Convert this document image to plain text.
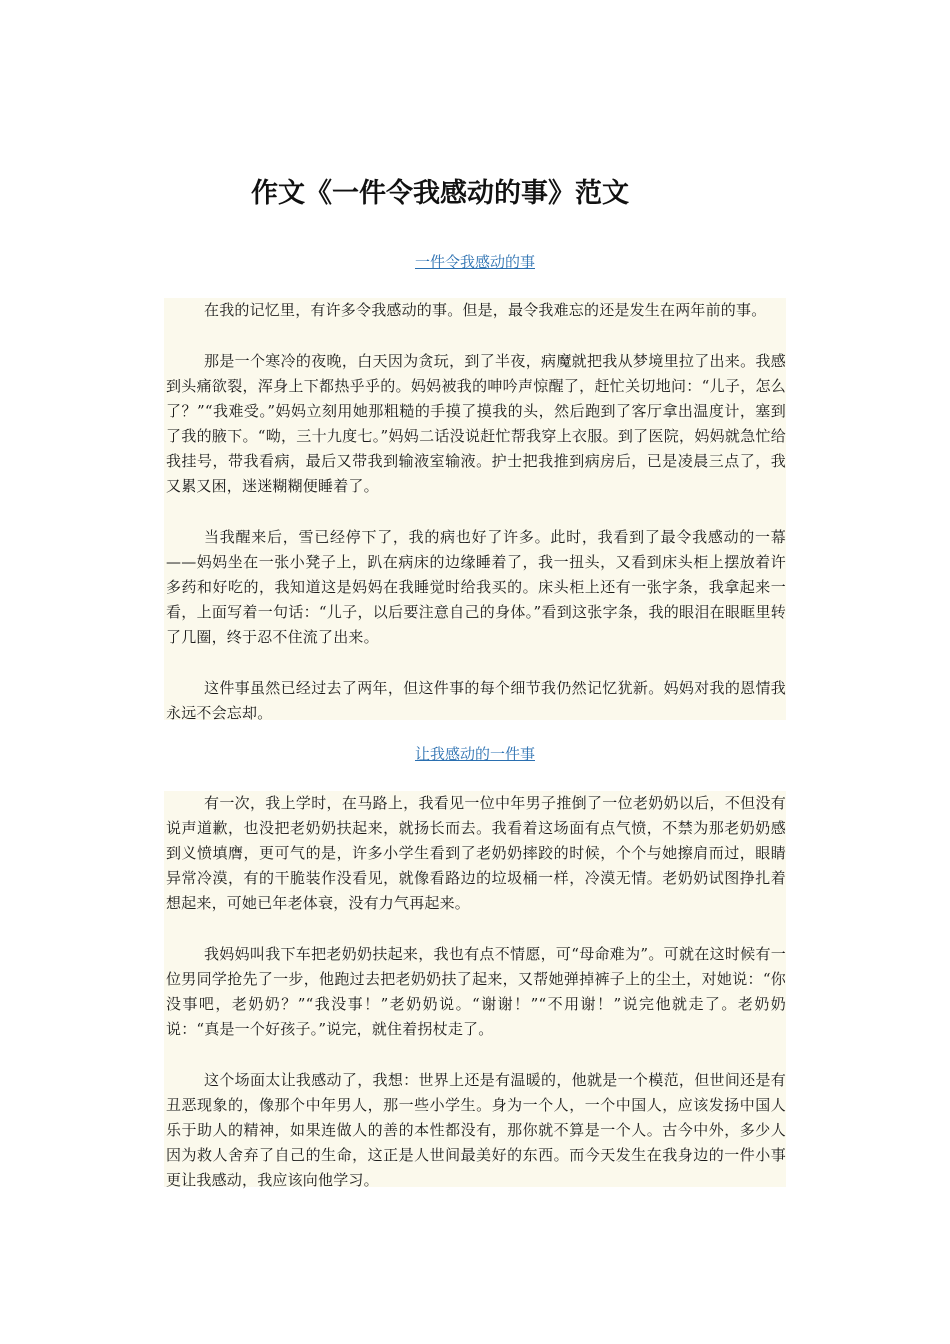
作文《一件令我感动的事》范文
一件令我感动的事

在我的记忆里，有许多令我感动的事。但是，最令我难忘的还是发生在两年前的事。

那是一个寒冷的夜晚，白天因为贪玩，到了半夜，病魔就把我从梦境里拉了出来。我感到头痛欲裂，浑身上下都热乎乎的。妈妈被我的呻吟声惊醒了，赶忙关切地问：“儿子，怎么了？”“我难受。”妈妈立刻用她那粗糙的手摸了摸我的头，然后跑到了客厅拿出温度计，塞到了我的腋下。“呦，三十九度七。”妈妈二话没说赶忙帮我穿上衣服。到了医院，妈妈就急忙给我挂号，带我看病，最后又带我到输液室输液。护士把我推到病房后，已是凌晨三点了，我又累又困，迷迷糊糊便睡着了。

当我醒来后，雪已经停下了，我的病也好了许多。此时，我看到了最令我感动的一幕——妈妈坐在一张小凳子上，趴在病床的边缘睡着了，我一扭头，又看到床头柜上摆放着许多药和好吃的，我知道这是妈妈在我睡觉时给我买的。床头柜上还有一张字条，我拿起来一看，上面写着一句话：“儿子，以后要注意自己的身体。”看到这张字条，我的眼泪在眼眶里转了几圈，终于忍不住流了出来。

这件事虽然已经过去了两年，但这件事的每个细节我仍然记忆犹新。妈妈对我的恩情我永远不会忘却。

让我感动的一件事

有一次，我上学时，在马路上，我看见一位中年男子推倒了一位老奶奶以后，不但没有说声道歉，也没把老奶奶扶起来，就扬长而去。我看着这场面有点气愤，不禁为那老奶奶感到义愤填膺，更可气的是，许多小学生看到了老奶奶摔跤的时候，个个与她擦肩而过，眼睛异常冷漠，有的干脆装作没看见，就像看路边的垃圾桶一样，冷漠无情。老奶奶试图挣扎着想起来，可她已年老体衰，没有力气再起来。

我妈妈叫我下车把老奶奶扶起来，我也有点不情愿，可“母命难为”。可就在这时候有一位男同学抢先了一步，他跑过去把老奶奶扶了起来，又帮她弹掉裤子上的尘土，对她说：“你没事吧，老奶奶？”“我没事！”老奶奶说。“谢谢！”“不用谢！”说完他就走了。老奶奶说：“真是一个好孩子。”说完，就住着拐杖走了。

这个场面太让我感动了，我想：世界上还是有温暖的，他就是一个模范，但世间还是有丑恶现象的，像那个中年男人，那一些小学生。身为一个人，一个中国人，应该发扬中国人乐于助人的精神，如果连做人的善的本性都没有，那你就不算是一个人。古今中外，多少人因为救人舍弃了自己的生命，这正是人世间最美好的东西。而今天发生在我身边的一件小事更让我感动，我应该向他学习。
